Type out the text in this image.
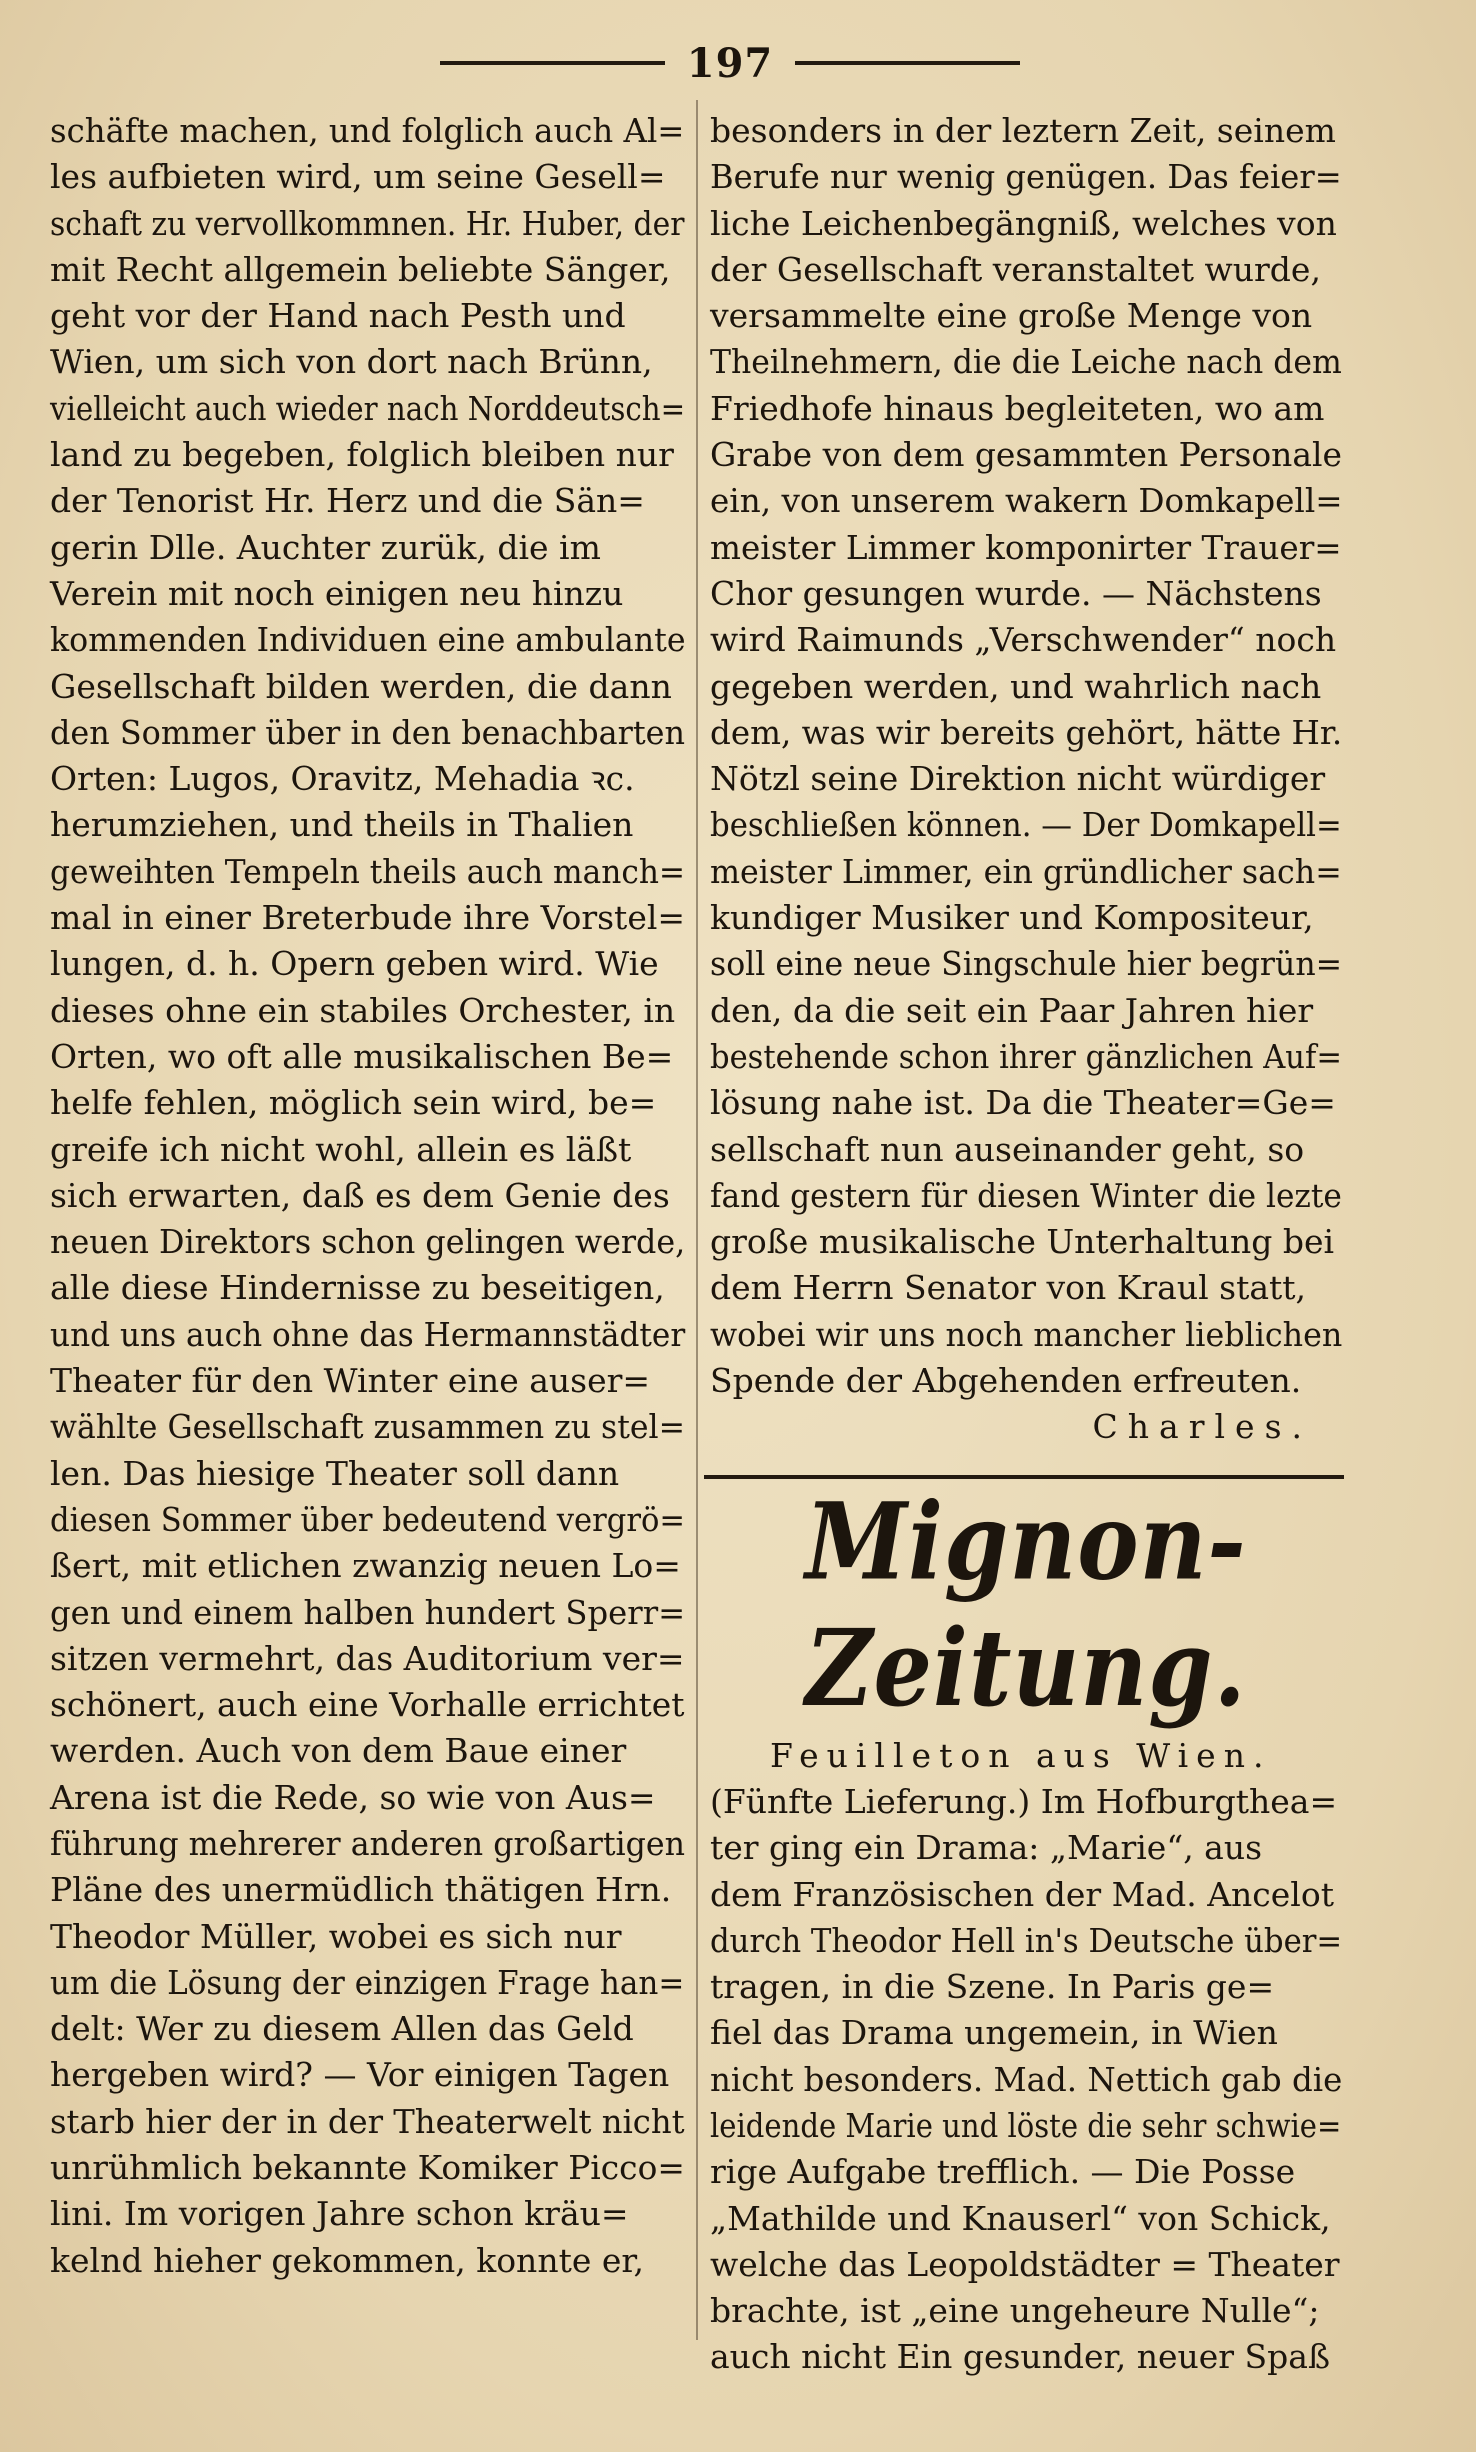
197
schäfte machen, und folglich auch Al=
les aufbieten wird, um seine Gesell=
schaft zu vervollkommnen. Hr. Huber, der
mit Recht allgemein beliebte Sänger,
geht vor der Hand nach Pesth und
Wien, um sich von dort nach Brünn,
vielleicht auch wieder nach Norddeutsch=
land zu begeben, folglich bleiben nur
der Tenorist Hr. Herz und die Sän=
gerin Dlle. Auchter zurük, die im
Verein mit noch einigen neu hinzu
kommenden Individuen eine ambulante
Gesellschaft bilden werden, die dann
den Sommer über in den benachbarten
Orten: Lugos, Oravitz, Mehadia ꝛc.
herumziehen, und theils in Thalien
geweihten Tempeln theils auch manch=
mal in einer Breterbude ihre Vorstel=
lungen, d. h. Opern geben wird. Wie
dieses ohne ein stabiles Orchester, in
Orten, wo oft alle musikalischen Be=
helfe fehlen, möglich sein wird, be=
greife ich nicht wohl, allein es läßt
sich erwarten, daß es dem Genie des
neuen Direktors schon gelingen werde,
alle diese Hindernisse zu beseitigen,
und uns auch ohne das Hermannstädter
Theater für den Winter eine auser=
wählte Gesellschaft zusammen zu stel=
len. Das hiesige Theater soll dann
diesen Sommer über bedeutend vergrö=
ßert, mit etlichen zwanzig neuen Lo=
gen und einem halben hundert Sperr=
sitzen vermehrt, das Auditorium ver=
schönert, auch eine Vorhalle errichtet
werden. Auch von dem Baue einer
Arena ist die Rede, so wie von Aus=
führung mehrerer anderen großartigen
Pläne des unermüdlich thätigen Hrn.
Theodor Müller, wobei es sich nur
um die Lösung der einzigen Frage han=
delt: Wer zu diesem Allen das Geld
hergeben wird? — Vor einigen Tagen
starb hier der in der Theaterwelt nicht
unrühmlich bekannte Komiker Picco=
lini. Im vorigen Jahre schon kräu=
kelnd hieher gekommen, konnte er,
besonders in der leztern Zeit, seinem
Berufe nur wenig genügen. Das feier=
liche Leichenbegängniß, welches von
der Gesellschaft veranstaltet wurde,
versammelte eine große Menge von
Theilnehmern, die die Leiche nach dem
Friedhofe hinaus begleiteten, wo am
Grabe von dem gesammten Personale
ein, von unserem wakern Domkapell=
meister Limmer komponirter Trauer=
Chor gesungen wurde. — Nächstens
wird Raimunds „Verschwender“ noch
gegeben werden, und wahrlich nach
dem, was wir bereits gehört, hätte Hr.
Nötzl seine Direktion nicht würdiger
beschließen können. — Der Domkapell=
meister Limmer, ein gründlicher sach=
kundiger Musiker und Kompositeur,
soll eine neue Singschule hier begrün=
den, da die seit ein Paar Jahren hier
bestehende schon ihrer gänzlichen Auf=
lösung nahe ist. Da die Theater=Ge=
sellschaft nun auseinander geht, so
fand gestern für diesen Winter die lezte
große musikalische Unterhaltung bei
dem Herrn Senator von Kraul statt,
wobei wir uns noch mancher lieblichen
Spende der Abgehenden erfreuten.
Charles.
Mignon-Zeitung.
Feuilleton aus Wien.
(Fünfte Lieferung.) Im Hofburgthea=
ter ging ein Drama: „Marie“, aus
dem Französischen der Mad. Ancelot
durch Theodor Hell in's Deutsche über=
tragen, in die Szene. In Paris ge=
fiel das Drama ungemein, in Wien
nicht besonders. Mad. Nettich gab die
leidende Marie und löste die sehr schwie=
rige Aufgabe trefflich. — Die Posse
„Mathilde und Knauserl“ von Schick,
welche das Leopoldstädter = Theater
brachte, ist „eine ungeheure Nulle“;
auch nicht Ein gesunder, neuer Spaß
